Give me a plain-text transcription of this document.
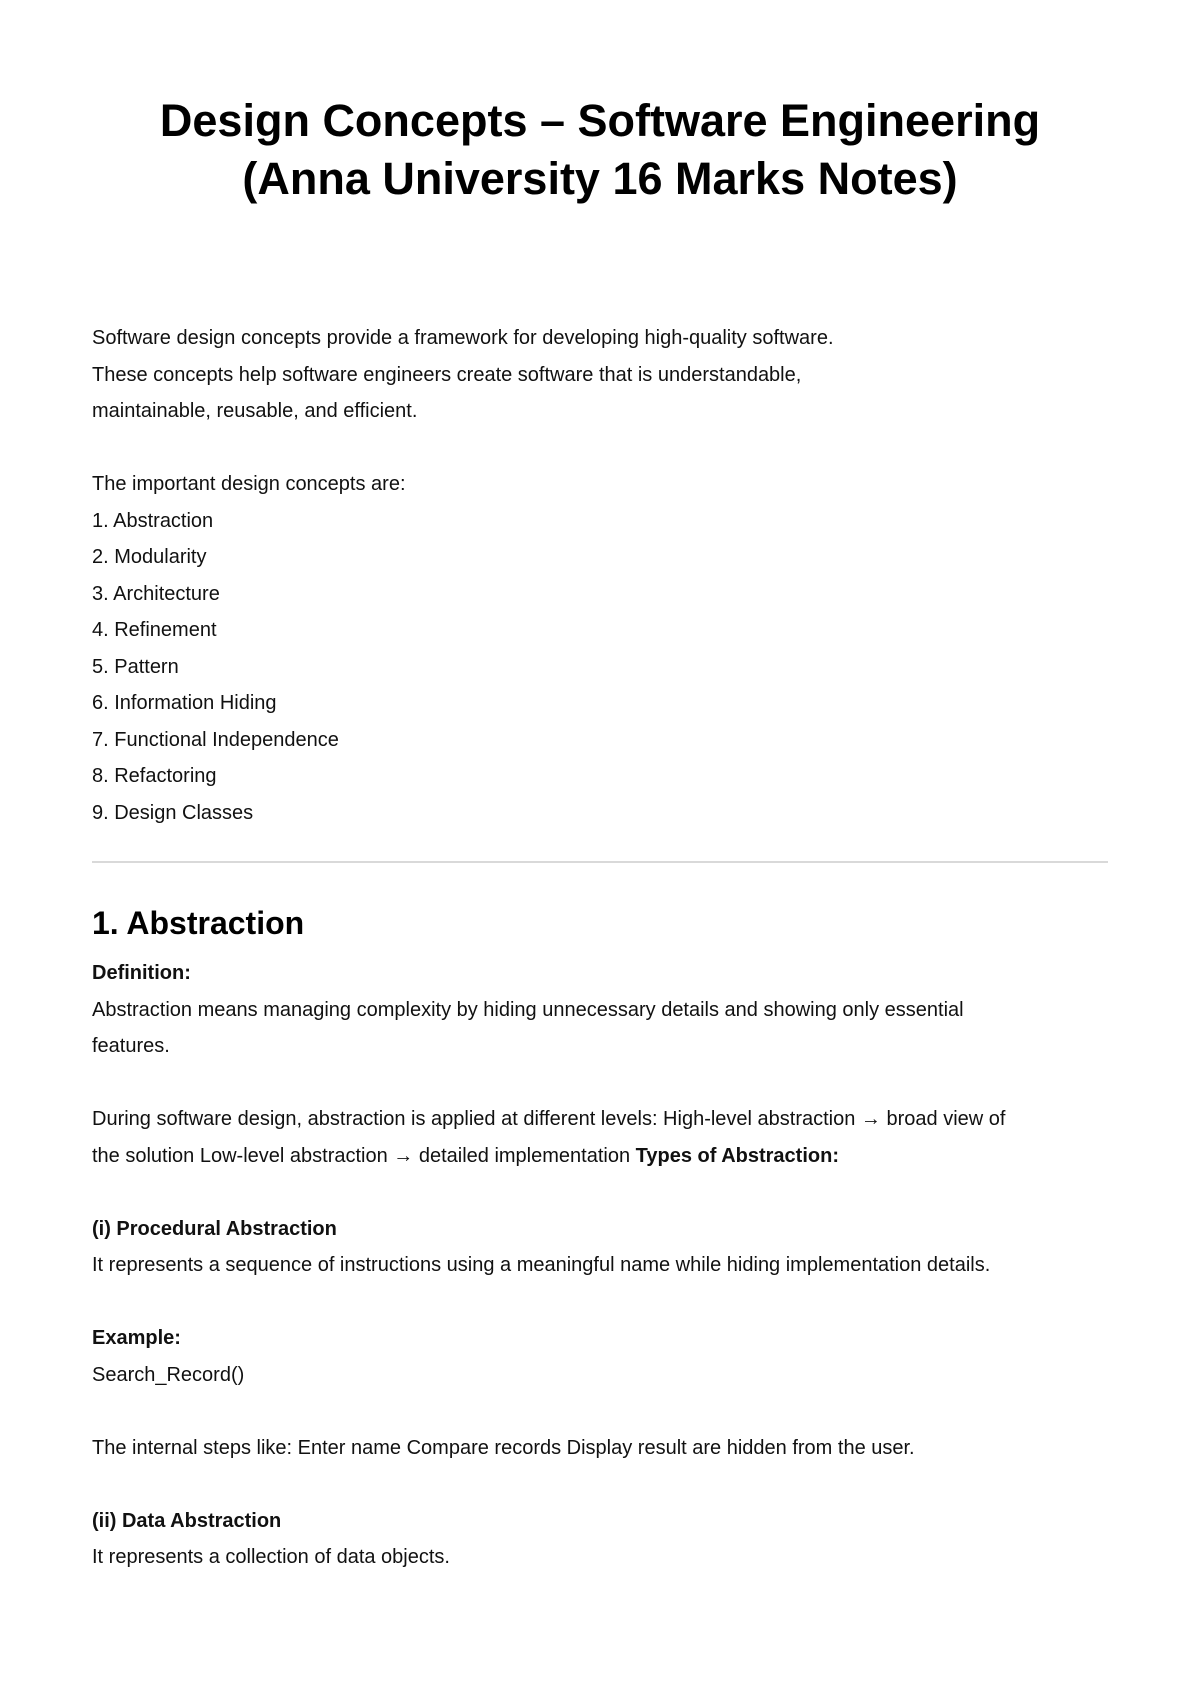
Design Concepts – Software Engineering (Anna University 16 Marks Notes)

Software design concepts provide a framework for developing high-quality software.

These concepts help software engineers create software that is understandable,

maintainable, reusable, and efficient.

The important design concepts are:

1. Abstraction
2. Modularity
3. Architecture
4. Refinement
5. Pattern
6. Information Hiding
7. Functional Independence
8. Refactoring
9. Design Classes
1. Abstraction

Definition:

Abstraction means managing complexity by hiding unnecessary details and showing only essential

features.

During software design, abstraction is applied at different levels: High-level abstraction → broad view of

the solution Low-level abstraction → detailed implementation Types of Abstraction:

(i) Procedural Abstraction

It represents a sequence of instructions using a meaningful name while hiding implementation details.

Example:

Search_Record()

The internal steps like: Enter name Compare records Display result are hidden from the user.

(ii) Data Abstraction

It represents a collection of data objects.
